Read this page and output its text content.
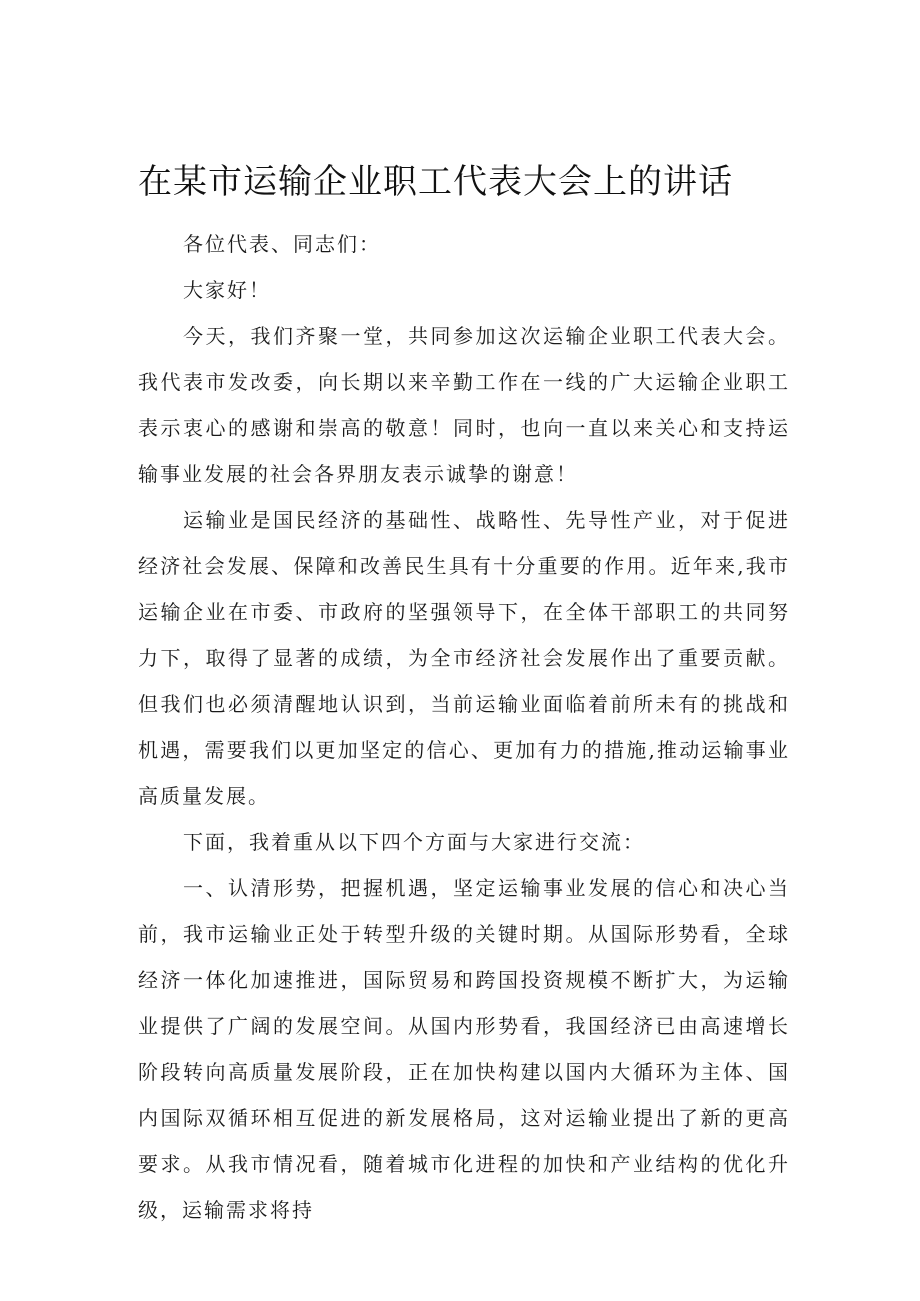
在某市运输企业职工代表大会上的讲话

各位代表、同志们：

大家好！

今天，我们齐聚一堂，共同参加这次运输企业职工代表大会。我代表市发改委，向长期以来辛勤工作在一线的广大运输企业职工表示衷心的感谢和崇高的敬意！同时，也向一直以来关心和支持运输事业发展的社会各界朋友表示诚挚的谢意！

运输业是国民经济的基础性、战略性、先导性产业，对于促进经济社会发展、保障和改善民生具有十分重要的作用。近年来,我市运输企业在市委、市政府的坚强领导下，在全体干部职工的共同努力下，取得了显著的成绩，为全市经济社会发展作出了重要贡献。但我们也必须清醒地认识到，当前运输业面临着前所未有的挑战和机遇，需要我们以更加坚定的信心、更加有力的措施,推动运输事业高质量发展。

下面，我着重从以下四个方面与大家进行交流：

一、认清形势，把握机遇，坚定运输事业发展的信心和决心当前，我市运输业正处于转型升级的关键时期。从国际形势看，全球经济一体化加速推进，国际贸易和跨国投资规模不断扩大，为运输业提供了广阔的发展空间。从国内形势看，我国经济已由高速增长阶段转向高质量发展阶段，正在加快构建以国内大循环为主体、国内国际双循环相互促进的新发展格局，这对运输业提出了新的更高要求。从我市情况看，随着城市化进程的加快和产业结构的优化升级，运输需求将持
